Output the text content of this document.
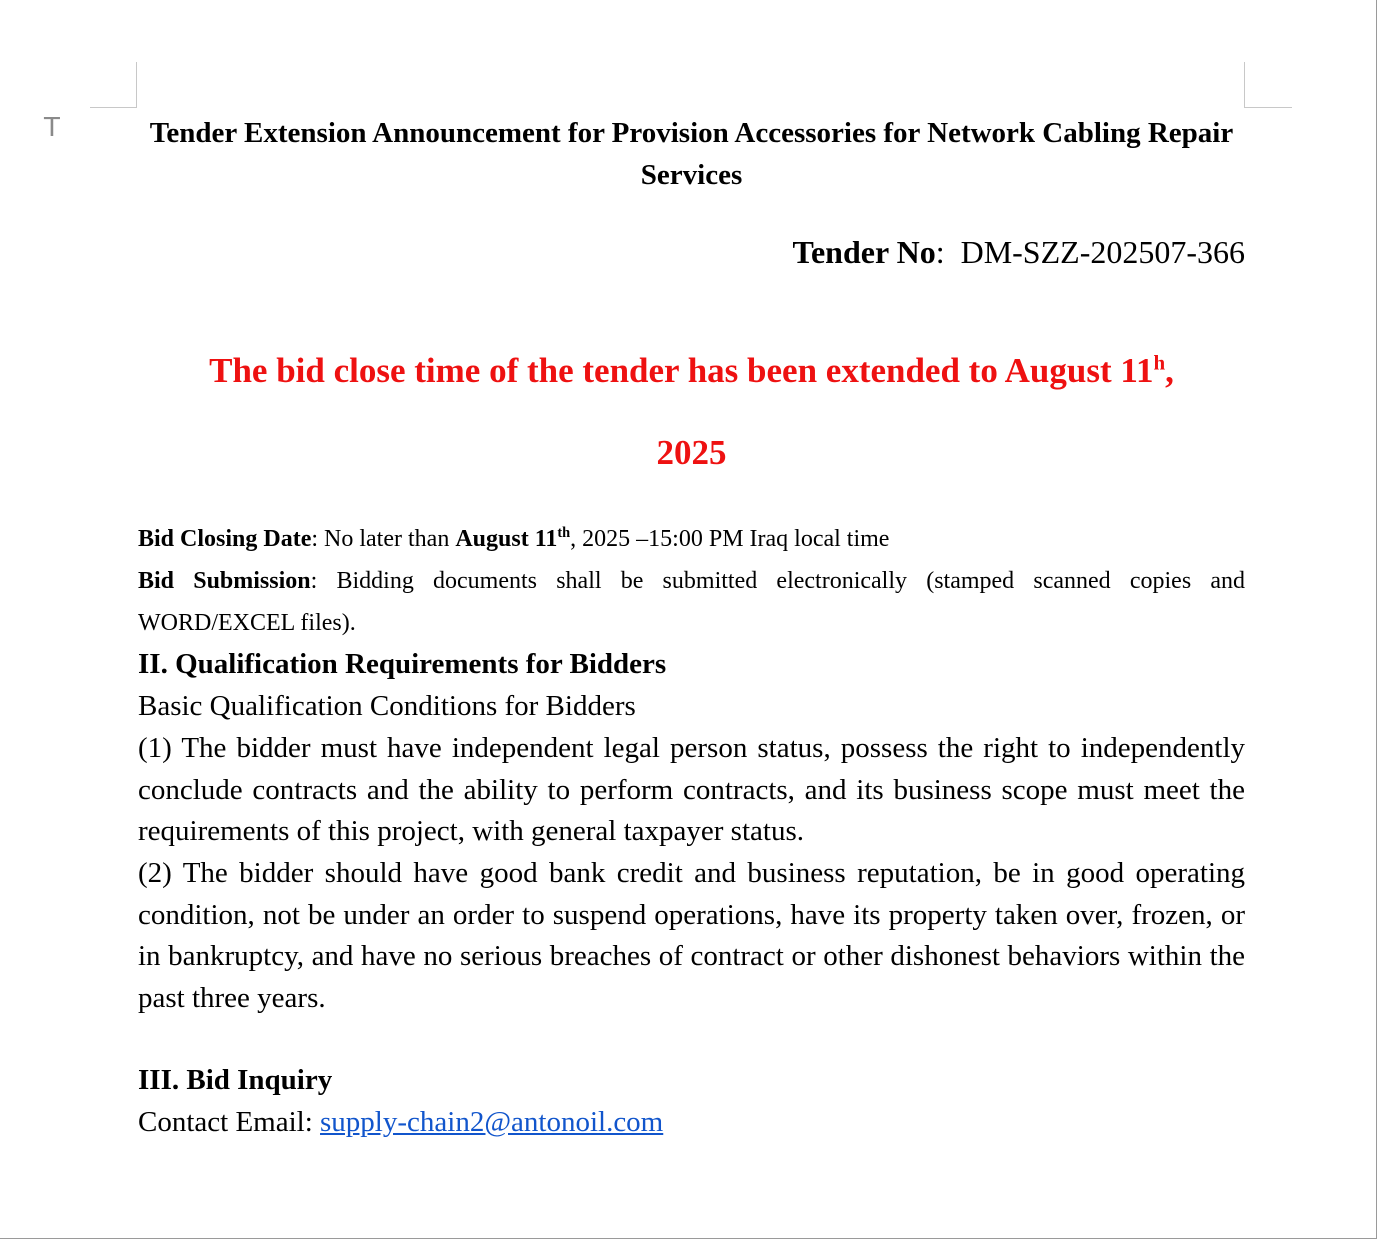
T	Tender Extension Announcement for Provision Accessories for Network Cabling Repair Services
Tender No: DM-SZZ-202507-366
The bid close time of the tender has been extended to August 11$^h$,
2025
Bid Closing Date: No later than August 11th, 2025 –15:00 PM Iraq local time
Bid Submission: Bidding documents shall be submitted electronically (stamped scanned copies and WORD/EXCEL files).
II. Qualification Requirements for Bidders
Basic Qualification Conditions for Bidders
(1) The bidder must have independent legal person status, possess the right to independently conclude contracts and the ability to perform contracts, and its business scope must meet the requirements of this project, with general taxpayer status.
(2) The bidder should have good bank credit and business reputation, be in good operating condition, not be under an order to suspend operations, have its property taken over, frozen, or in bankruptcy, and have no serious breaches of contract or other dishonest behaviors within the past three years.
III. Bid Inquiry
Contact Email: supply-chain2@antonoil.com
